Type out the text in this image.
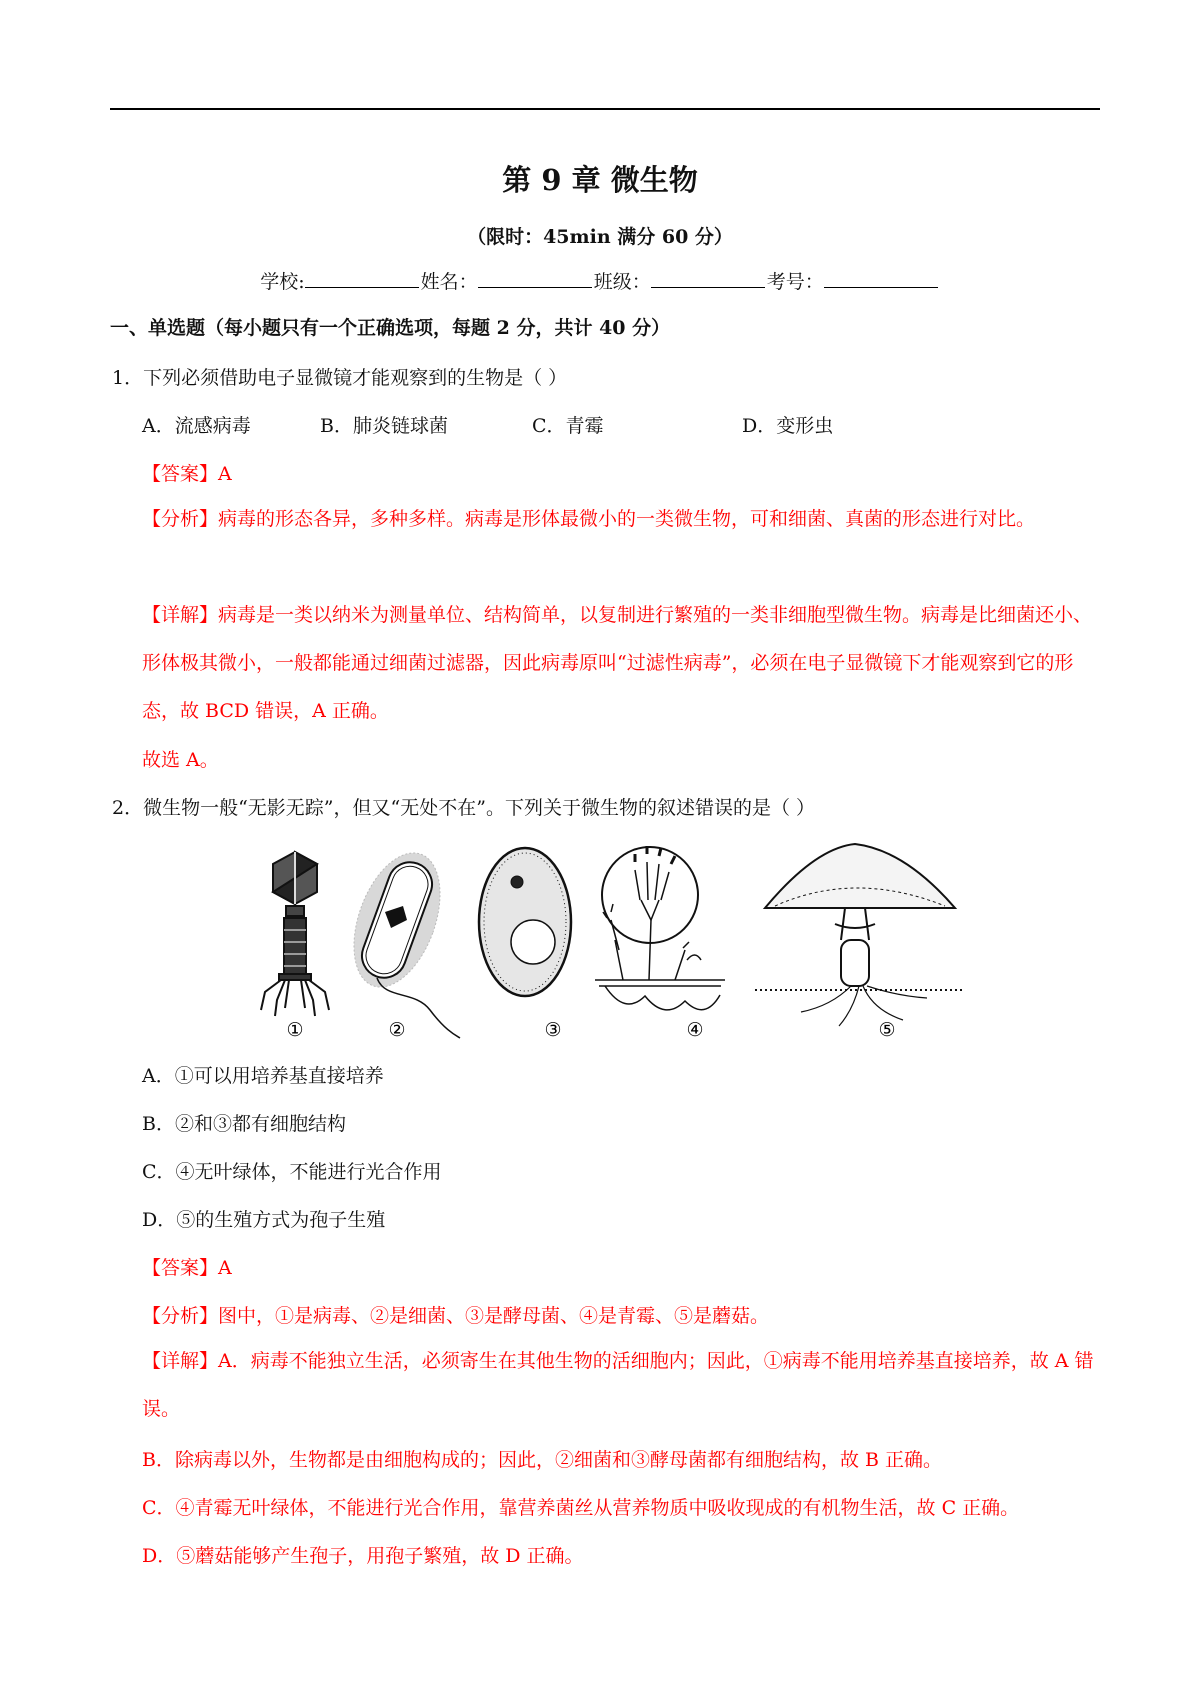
第 9 章 微生物
（限时：45min 满分 60 分）
学校:	姓名：	班级：	考号：
一、单选题（每小题只有一个正确选项，每题 2 分，共计 40 分）
1．下列必须借助电子显微镜才能观察到的生物是（ ）
A．流感病毒	B．肺炎链球菌	C．青霉	D．变形虫
【答案】A
【分析】病毒的形态各异，多种多样。病毒是形体最微小的一类微生物，可和细菌、真菌的形态进行对比。
【详解】病毒是一类以纳米为测量单位、结构简单，以复制进行繁殖的一类非细胞型微生物。病毒是比细菌还小、形体极其微小，一般都能通过细菌过滤器，因此病毒原叫“过滤性病毒”，必须在电子显微镜下才能观察到它的形态，故 BCD 错误，A 正确。
故选 A。
2．微生物一般“无影无踪”，但又“无处不在”。下列关于微生物的叙述错误的是（ ）
①	②	③	④	⑤
A．①可以用培养基直接培养
B．②和③都有细胞结构
C．④无叶绿体，不能进行光合作用
D．⑤的生殖方式为孢子生殖
【答案】A
【分析】图中，①是病毒、②是细菌、③是酵母菌、④是青霉、⑤是蘑菇。
【详解】A．病毒不能独立生活，必须寄生在其他生物的活细胞内；因此，①病毒不能用培养基直接培养，故 A 错误。
B．除病毒以外，生物都是由细胞构成的；因此，②细菌和③酵母菌都有细胞结构，故 B 正确。
C．④青霉无叶绿体，不能进行光合作用，靠营养菌丝从营养物质中吸收现成的有机物生活，故 C 正确。
D．⑤蘑菇能够产生孢子，用孢子繁殖，故 D 正确。
